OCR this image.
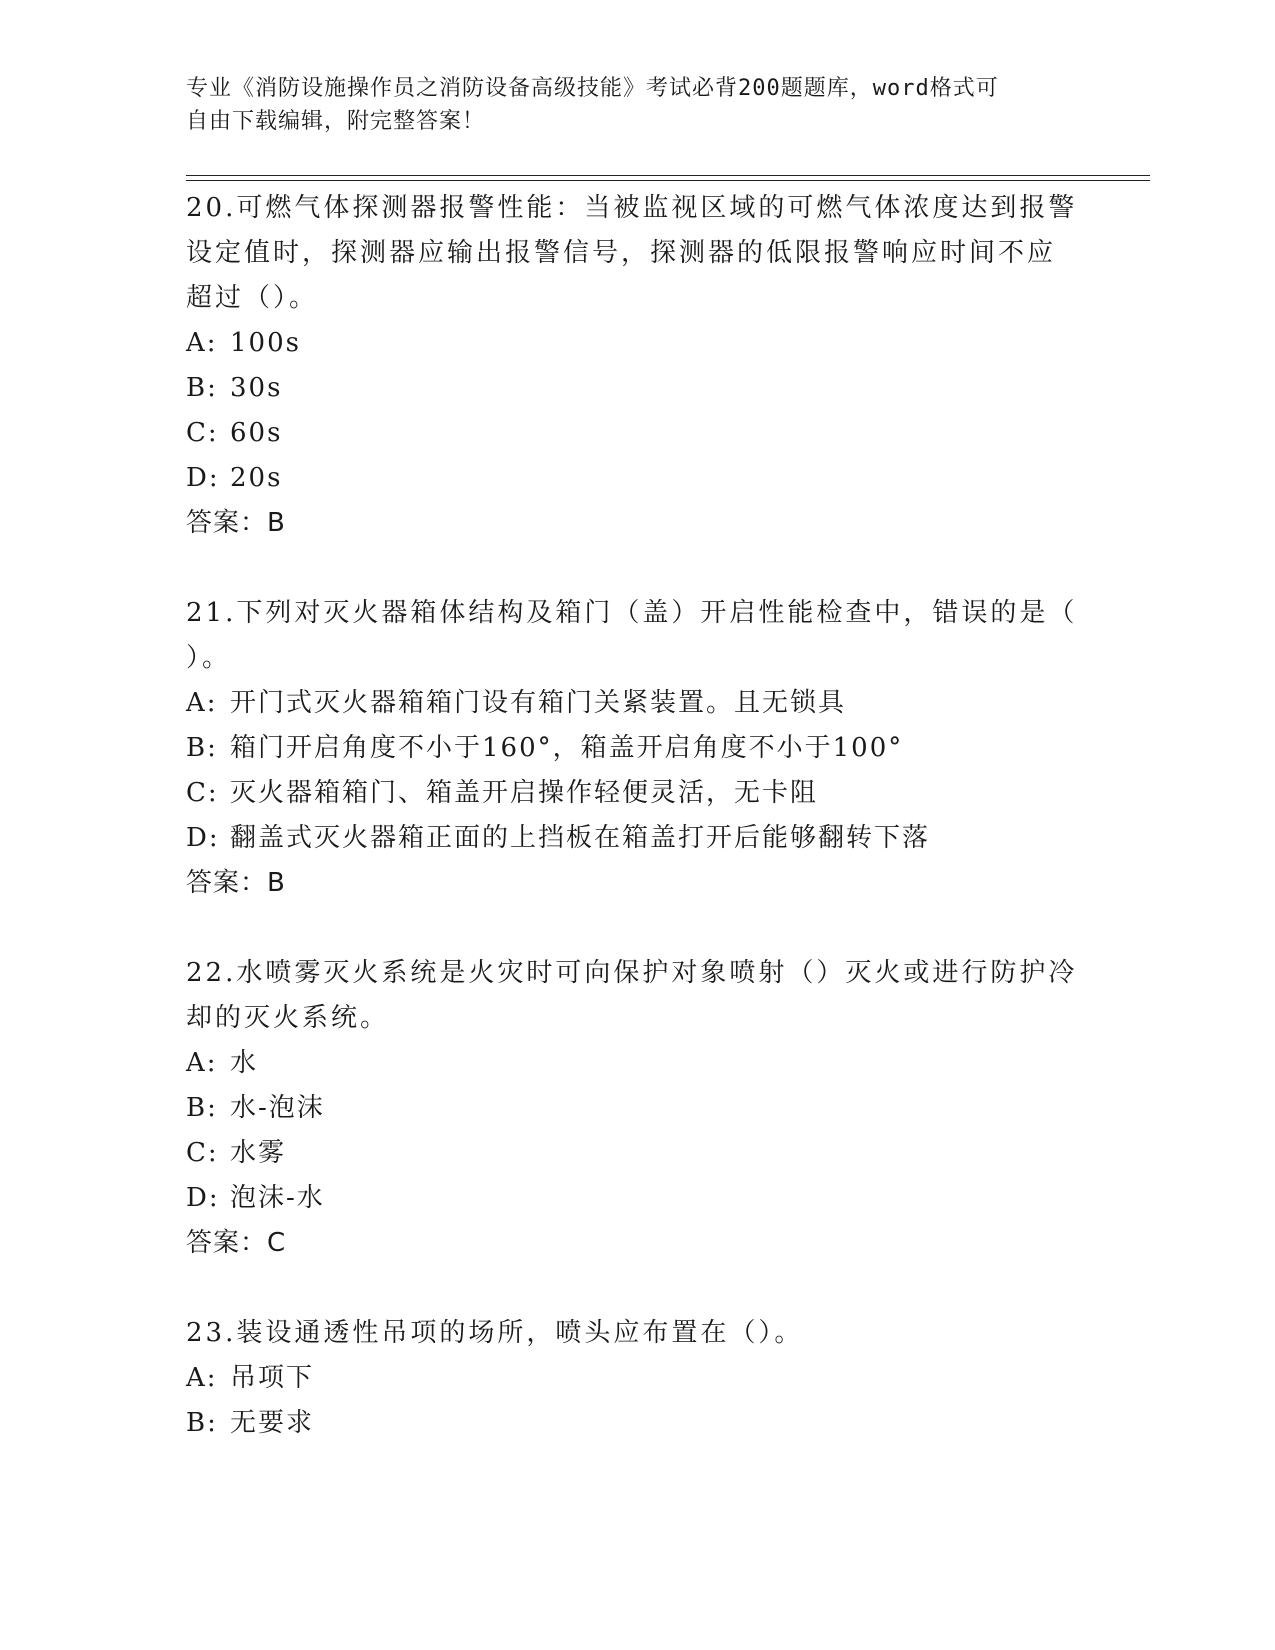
专业《消防设施操作员之消防设备高级技能》考试必背200题题库，word格式可
自由下载编辑，附完整答案！

20.可燃气体探测器报警性能：当被监视区域的可燃气体浓度达到报警

设定值时，探测器应输出报警信号，探测器的低限报警响应时间不应

超过（）。

A: 100s

B: 30s

C: 60s

D: 20s

答案：B

21.下列对灭火器箱体结构及箱门（盖）开启性能检查中，错误的是（

）。

A: 开门式灭火器箱箱门设有箱门关紧装置。且无锁具

B: 箱门开启角度不小于160°，箱盖开启角度不小于100°

C: 灭火器箱箱门、箱盖开启操作轻便灵活，无卡阻

D: 翻盖式灭火器箱正面的上挡板在箱盖打开后能够翻转下落

答案：B

22.水喷雾灭火系统是火灾时可向保护对象喷射（）灭火或进行防护冷

却的灭火系统。

A: 水

B: 水-泡沫

C: 水雾

D: 泡沫-水

答案：C

23.装设通透性吊项的场所，喷头应布置在（）。

A: 吊项下

B: 无要求
